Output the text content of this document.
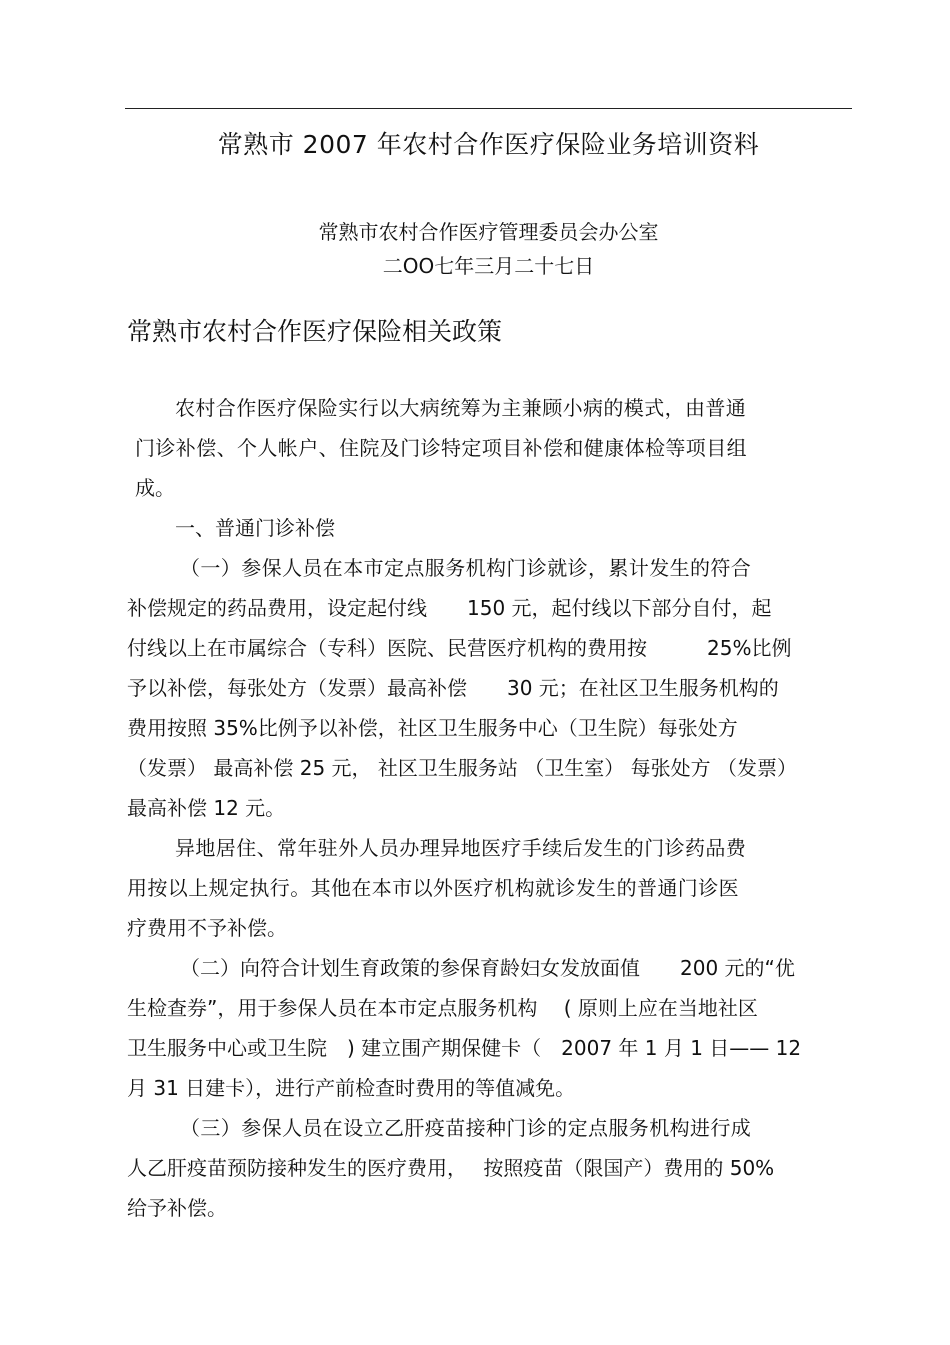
常熟市 2007 年农村合作医疗保险业务培训资料
常熟市农村合作医疗管理委员会办公室
二OO七年三月二十七日
常熟市农村合作医疗保险相关政策
农村合作医疗保险实行以大病统筹为主兼顾小病的模式，由普通
门诊补偿、个人帐户、住院及门诊特定项目补偿和健康体检等项目组
成。
一、普通门诊补偿
（一）参保人员在本市定点服务机构门诊就诊，累计发生的符合
补偿规定的药品费用，设定起付线　　150 元，起付线以下部分自付，起
付线以上在市属综合（专科）医院、民营医疗机构的费用按　　　25%比例
予以补偿，每张处方（发票）最高补偿　　30 元；在社区卫生服务机构的
费用按照 35%比例予以补偿，社区卫生服务中心（卫生院）每张处方
（发票） 最高补偿 25 元， 社区卫生服务站 （卫生室） 每张处方 （发票）
最高补偿 12 元。
异地居住、常年驻外人员办理异地医疗手续后发生的门诊药品费
用按以上规定执行。其他在本市以外医疗机构就诊发生的普通门诊医
疗费用不予补偿。
（二）向符合计划生育政策的参保育龄妇女发放面值　　200 元的“优
生检查券”，用于参保人员在本市定点服务机构　 ( 原则上应在当地社区
卫生服务中心或卫生院　) 建立围产期保健卡（　2007 年 1 月 1 日—— 12
月 31 日建卡），进行产前检查时费用的等值减免。
（三）参保人员在设立乙肝疫苗接种门诊的定点服务机构进行成
人乙肝疫苗预防接种发生的医疗费用，　 按照疫苗（限国产）费用的 50%
给予补偿。
